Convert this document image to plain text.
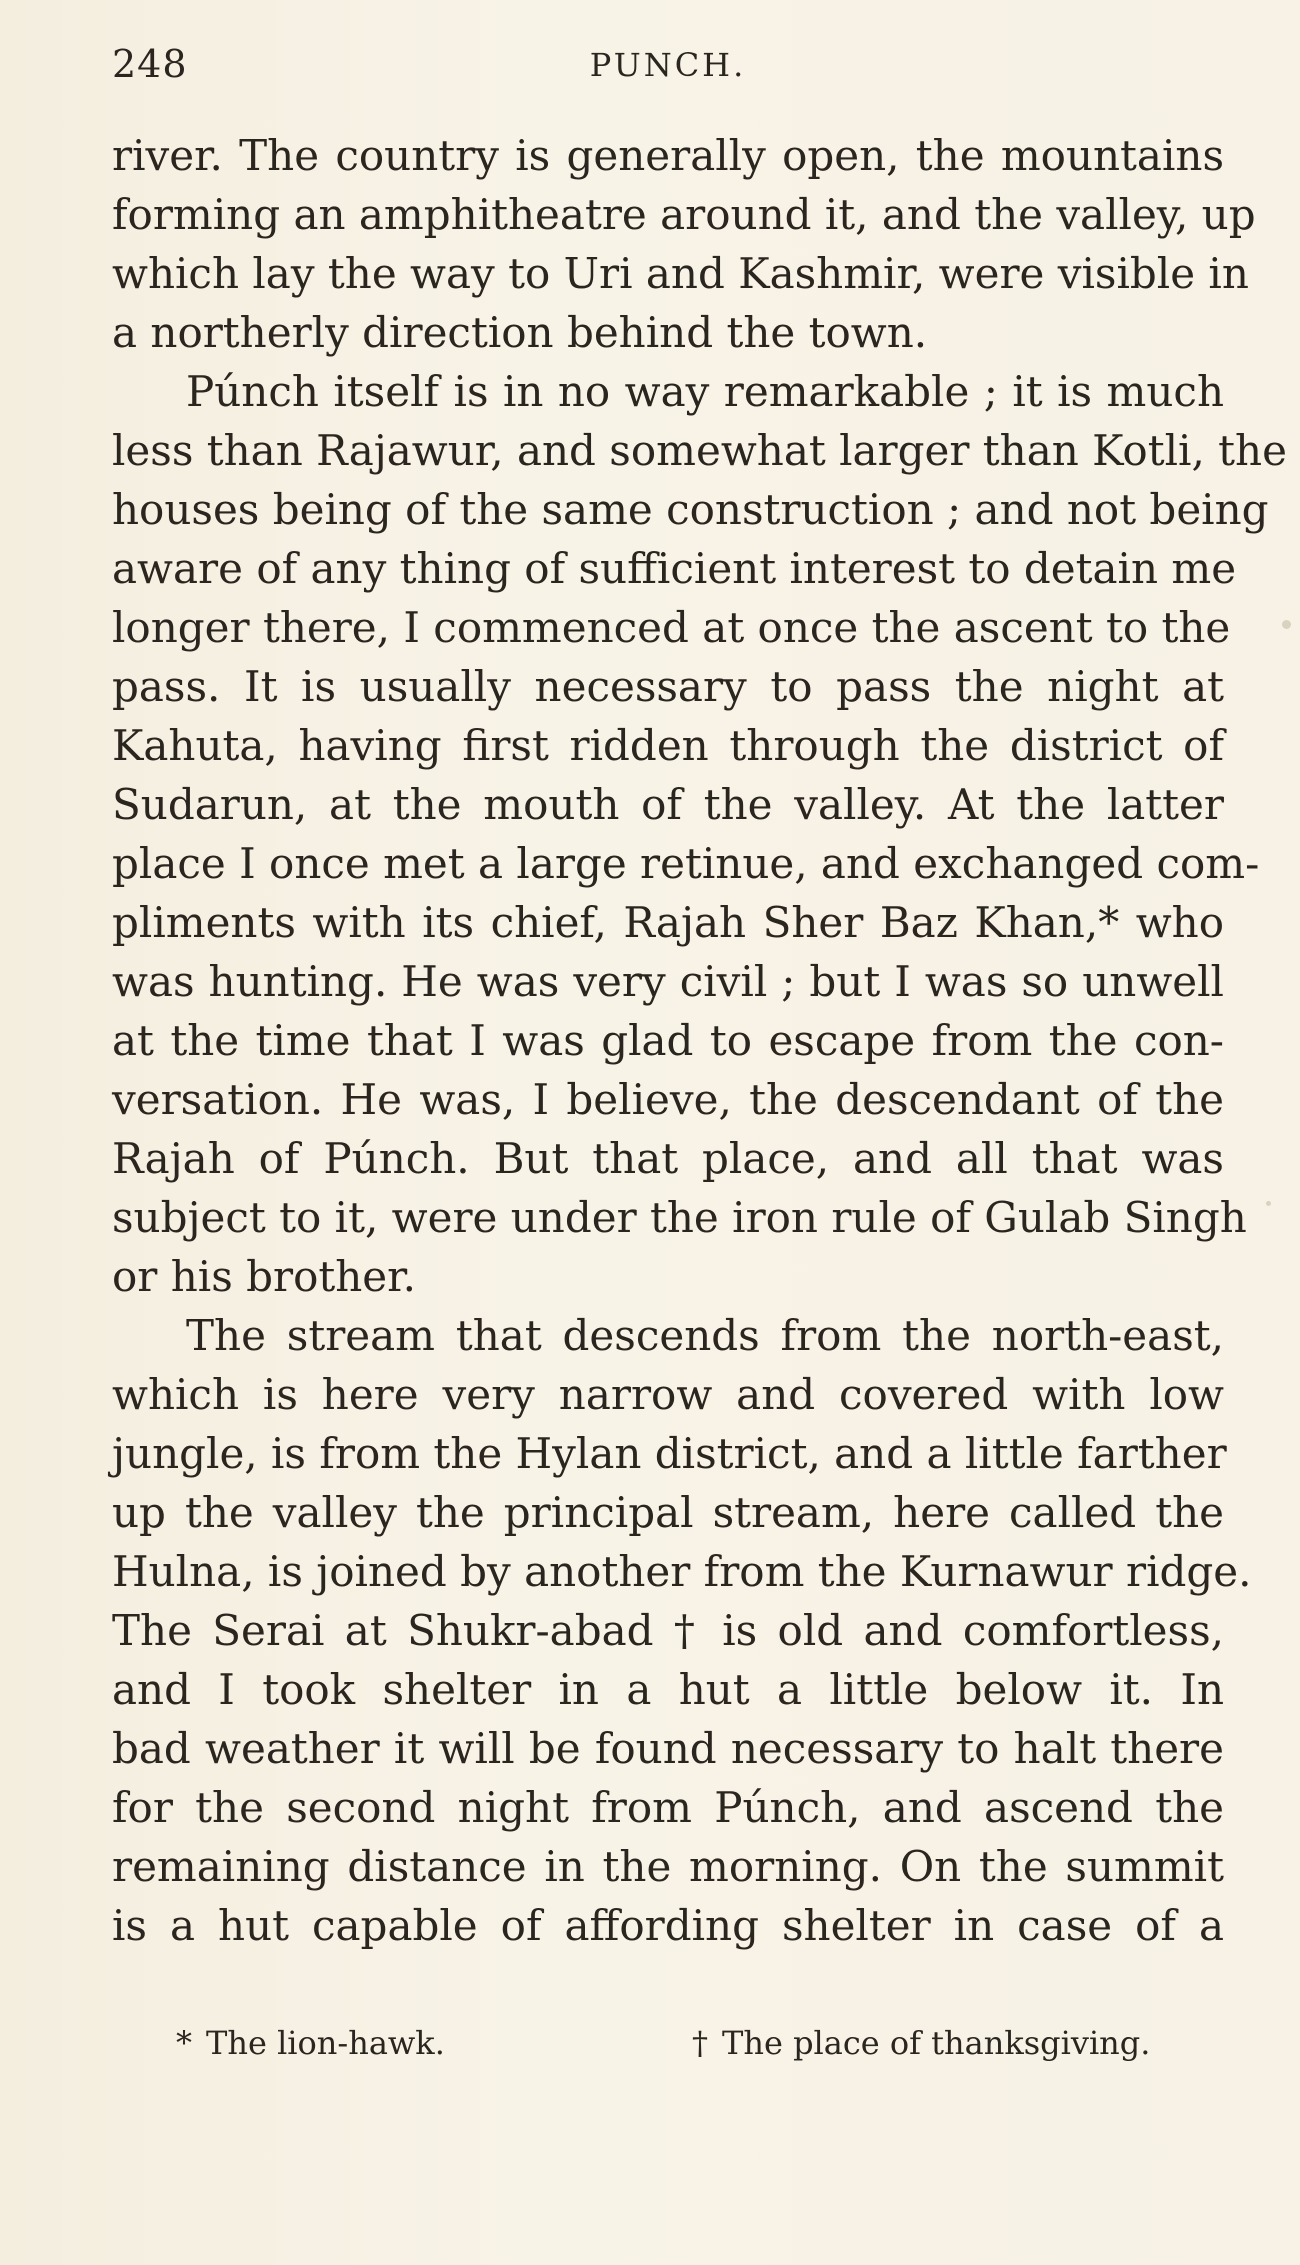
248	PUNCH.
river. The country is generally open, the mountains
forming an amphitheatre around it, and the valley, up
which lay the way to Uri and Kashmir, were visible in
a northerly direction behind the town.
Púnch itself is in no way remarkable ; it is much
less than Rajawur, and somewhat larger than Kotli, the
houses being of the same construction ; and not being
aware of any thing of sufficient interest to detain me
longer there, I commenced at once the ascent to the
pass. It is usually necessary to pass the night at
Kahuta, having first ridden through the district of
Sudarun, at the mouth of the valley. At the latter
place I once met a large retinue, and exchanged com-
pliments with its chief, Rajah Sher Baz Khan,* who
was hunting. He was very civil ; but I was so unwell
at the time that I was glad to escape from the con-
versation. He was, I believe, the descendant of the
Rajah of Púnch. But that place, and all that was
subject to it, were under the iron rule of Gulab Singh
or his brother.
The stream that descends from the north-east,
which is here very narrow and covered with low
jungle, is from the Hylan district, and a little farther
up the valley the principal stream, here called the
Hulna, is joined by another from the Kurnawur ridge.
The Serai at Shukr-abad † is old and comfortless,
and I took shelter in a hut a little below it. In
bad weather it will be found necessary to halt there
for the second night from Púnch, and ascend the
remaining distance in the morning. On the summit
is a hut capable of affording shelter in case of a
* The lion-hawk.	† The place of thanksgiving.
